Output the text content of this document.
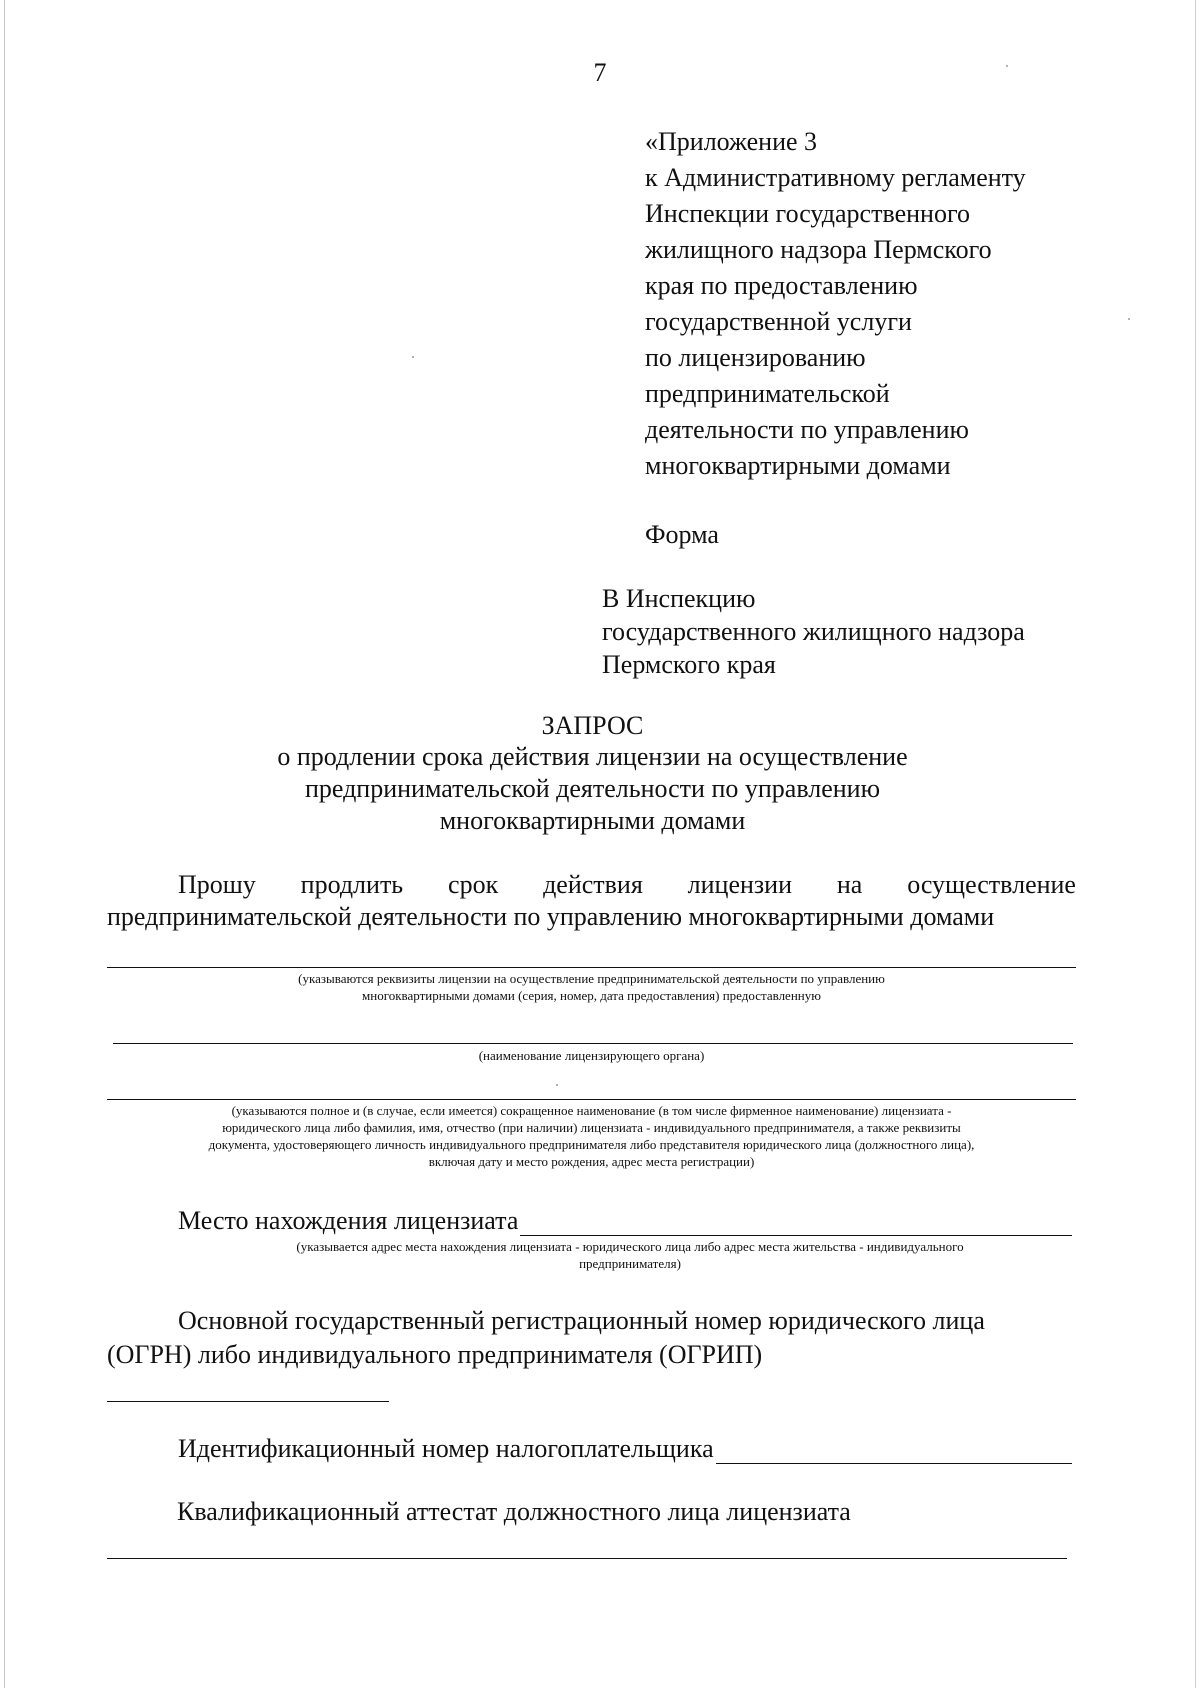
7
«Приложение 3
к Административному регламенту
Инспекции государственного
жилищного надзора Пермского
края по предоставлению
государственной услуги
по лицензированию
предпринимательской
деятельности по управлению
многоквартирными домами
Форма
В Инспекцию
государственного жилищного надзора
Пермского края
ЗАПРОС
о продлении срока действия лицензии на осуществление
предпринимательской деятельности по управлению
многоквартирными домами
Прошу продлить срок действия лицензии на осуществление
предпринимательской деятельности по управлению многоквартирными домами
(указываются реквизиты лицензии на осуществление предпринимательской деятельности по управлению
многоквартирными домами (серия, номер, дата предоставления) предоставленную
(наименование лицензирующего органа)
(указываются полное и (в случае, если имеется) сокращенное наименование (в том числе фирменное наименование) лицензиата -
юридического лица либо фамилия, имя, отчество (при наличии) лицензиата - индивидуального предпринимателя, а также реквизиты
документа, удостоверяющего личность индивидуального предпринимателя либо представителя юридического лица (должностного лица),
включая дату и место рождения, адрес места регистрации)
Место нахождения лицензиата
(указывается адрес места нахождения лицензиата - юридического лица либо адрес места жительства - индивидуального
предпринимателя)
Основной государственный регистрационный номер юридического лица
(ОГРН) либо индивидуального предпринимателя (ОГРИП)
Идентификационный номер налогоплательщика
Квалификационный аттестат должностного лица лицензиата
